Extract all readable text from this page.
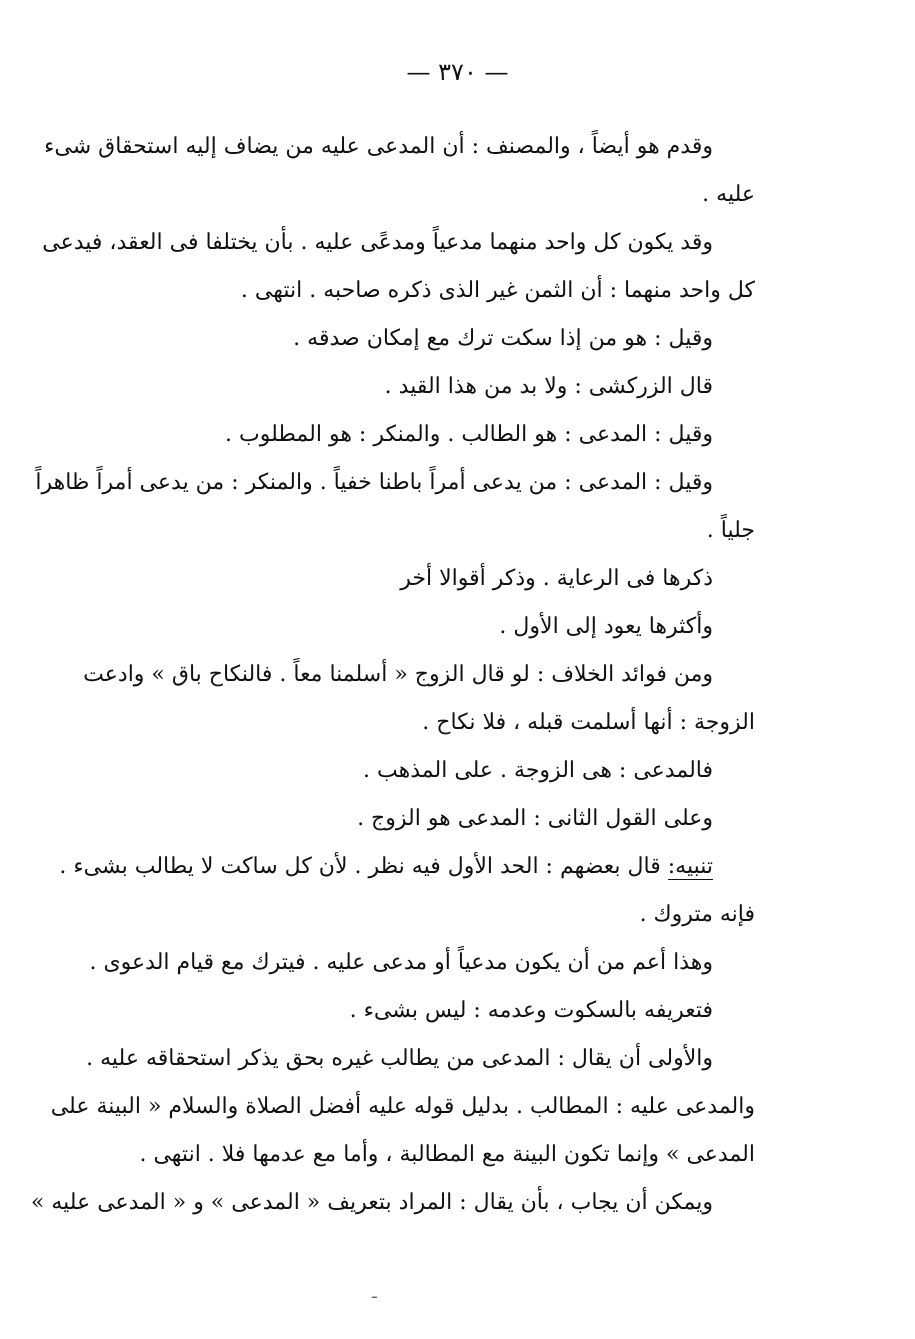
— ٣٧٠ —
وقدم هو أيضاً ، والمصنف : أن المدعى عليه من يضاف إليه استحقاق شىء
عليه .
وقد يكون كل واحد منهما مدعياً ومدعًى عليه . بأن يختلفا فى العقد، فيدعى
كل واحد منهما : أن الثمن غير الذى ذكره صاحبه . انتهى .
وقيل : هو من إذا سكت ترك مع إمكان صدقه .
قال الزركشى : ولا بد من هذا القيد .
وقيل : المدعى : هو الطالب . والمنكر : هو المطلوب .
وقيل : المدعى : من يدعى أمراً باطنا خفياً . والمنكر : من يدعى أمراً ظاهراً
جلياً .
ذكرها فى الرعاية . وذكر أقوالا أخر
وأكثرها يعود إلى الأول .
ومن فوائد الخلاف : لو قال الزوج « أسلمنا معاً . فالنكاح باق » وادعت
الزوجة : أنها أسلمت قبله ، فلا نكاح .
فالمدعى : هى الزوجة . على المذهب .
وعلى القول الثانى : المدعى هو الزوج .
تنبيه: قال بعضهم : الحد الأول فيه نظر . لأن كل ساكت لا يطالب بشىء .
فإنه متروك .
وهذا أعم من أن يكون مدعياً أو مدعى عليه . فيترك مع قيام الدعوى .
فتعريفه بالسكوت وعدمه : ليس بشىء .
والأولى أن يقال : المدعى من يطالب غيره بحق يذكر استحقاقه عليه .
والمدعى عليه : المطالب . بدليل قوله عليه أفضل الصلاة والسلام « البينة على
المدعى » وإنما تكون البينة مع المطالبة ، وأما مع عدمها فلا . انتهى .
ويمكن أن يجاب ، بأن يقال : المراد بتعريف « المدعى » و « المدعى عليه »
ـ
